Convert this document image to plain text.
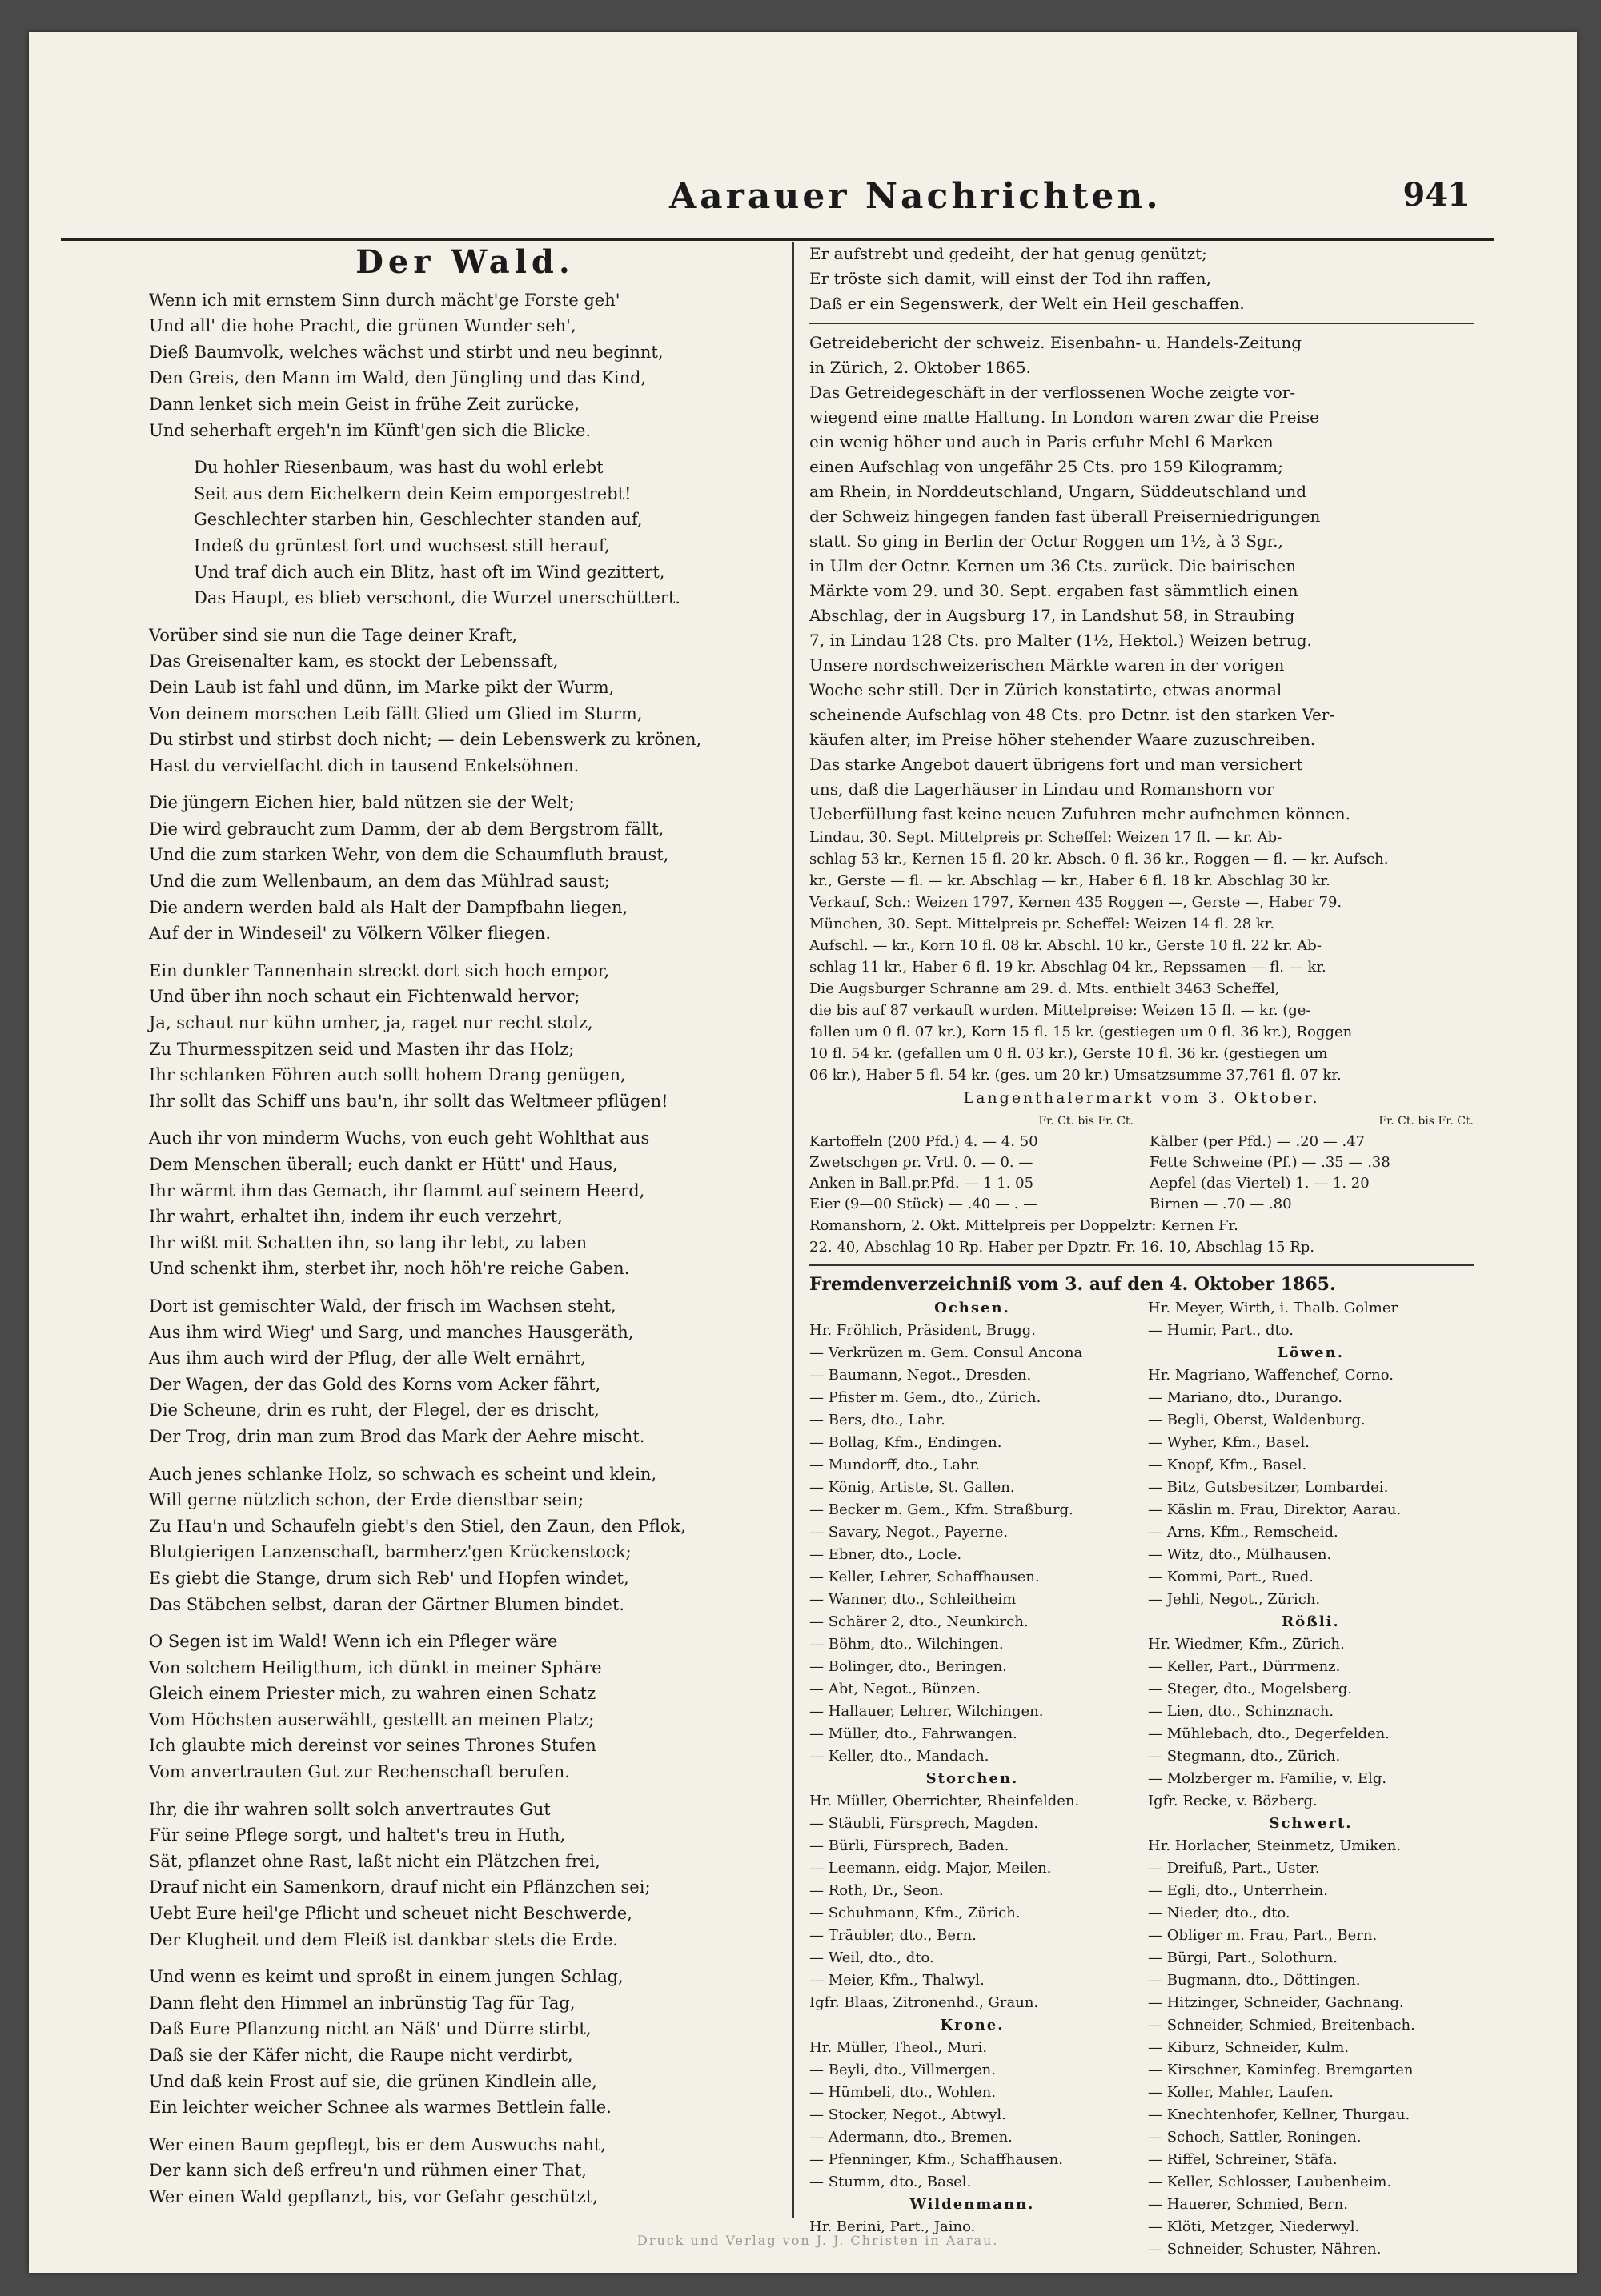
Aarauer Nachrichten.	941
Der Wald.
Wenn ich mit ernstem Sinn durch mächt'ge Forste geh'
Und all' die hohe Pracht, die grünen Wunder seh',
Dieß Baumvolk, welches wächst und stirbt und neu beginnt,
Den Greis, den Mann im Wald, den Jüngling und das Kind,
Dann lenket sich mein Geist in frühe Zeit zurücke,
Und seherhaft ergeh'n im Künft'gen sich die Blicke.
Du hohler Riesenbaum, was hast du wohl erlebt
Seit aus dem Eichelkern dein Keim emporgestrebt!
Geschlechter starben hin, Geschlechter standen auf,
Indeß du grüntest fort und wuchsest still herauf,
Und traf dich auch ein Blitz, hast oft im Wind gezittert,
Das Haupt, es blieb verschont, die Wurzel unerschüttert.
Vorüber sind sie nun die Tage deiner Kraft,
Das Greisenalter kam, es stockt der Lebenssaft,
Dein Laub ist fahl und dünn, im Marke pikt der Wurm,
Von deinem morschen Leib fällt Glied um Glied im Sturm,
Du stirbst und stirbst doch nicht; — dein Lebenswerk zu krönen,
Hast du vervielfacht dich in tausend Enkelsöhnen.
Die jüngern Eichen hier, bald nützen sie der Welt;
Die wird gebraucht zum Damm, der ab dem Bergstrom fällt,
Und die zum starken Wehr, von dem die Schaumfluth braust,
Und die zum Wellenbaum, an dem das Mühlrad saust;
Die andern werden bald als Halt der Dampfbahn liegen,
Auf der in Windeseil' zu Völkern Völker fliegen.
Ein dunkler Tannenhain streckt dort sich hoch empor,
Und über ihn noch schaut ein Fichtenwald hervor;
Ja, schaut nur kühn umher, ja, raget nur recht stolz,
Zu Thurmesspitzen seid und Masten ihr das Holz;
Ihr schlanken Föhren auch sollt hohem Drang genügen,
Ihr sollt das Schiff uns bau'n, ihr sollt das Weltmeer pflügen!
Auch ihr von minderm Wuchs, von euch geht Wohlthat aus
Dem Menschen überall; euch dankt er Hütt' und Haus,
Ihr wärmt ihm das Gemach, ihr flammt auf seinem Heerd,
Ihr wahrt, erhaltet ihn, indem ihr euch verzehrt,
Ihr wißt mit Schatten ihn, so lang ihr lebt, zu laben
Und schenkt ihm, sterbet ihr, noch höh're reiche Gaben.
Dort ist gemischter Wald, der frisch im Wachsen steht,
Aus ihm wird Wieg' und Sarg, und manches Hausgeräth,
Aus ihm auch wird der Pflug, der alle Welt ernährt,
Der Wagen, der das Gold des Korns vom Acker fährt,
Die Scheune, drin es ruht, der Flegel, der es drischt,
Der Trog, drin man zum Brod das Mark der Aehre mischt.
Auch jenes schlanke Holz, so schwach es scheint und klein,
Will gerne nützlich schon, der Erde dienstbar sein;
Zu Hau'n und Schaufeln giebt's den Stiel, den Zaun, den Pflok,
Blutgierigen Lanzenschaft, barmherz'gen Krückenstock;
Es giebt die Stange, drum sich Reb' und Hopfen windet,
Das Stäbchen selbst, daran der Gärtner Blumen bindet.
O Segen ist im Wald! Wenn ich ein Pfleger wäre
Von solchem Heiligthum, ich dünkt in meiner Sphäre
Gleich einem Priester mich, zu wahren einen Schatz
Vom Höchsten auserwählt, gestellt an meinen Platz;
Ich glaubte mich dereinst vor seines Thrones Stufen
Vom anvertrauten Gut zur Rechenschaft berufen.
Ihr, die ihr wahren sollt solch anvertrautes Gut
Für seine Pflege sorgt, und haltet's treu in Huth,
Sät, pflanzet ohne Rast, laßt nicht ein Plätzchen frei,
Drauf nicht ein Samenkorn, drauf nicht ein Pflänzchen sei;
Uebt Eure heil'ge Pflicht und scheuet nicht Beschwerde,
Der Klugheit und dem Fleiß ist dankbar stets die Erde.
Und wenn es keimt und sproßt in einem jungen Schlag,
Dann fleht den Himmel an inbrünstig Tag für Tag,
Daß Eure Pflanzung nicht an Näß' und Dürre stirbt,
Daß sie der Käfer nicht, die Raupe nicht verdirbt,
Und daß kein Frost auf sie, die grünen Kindlein alle,
Ein leichter weicher Schnee als warmes Bettlein falle.
Wer einen Baum gepflegt, bis er dem Auswuchs naht,
Der kann sich deß erfreu'n und rühmen einer That,
Wer einen Wald gepflanzt, bis, vor Gefahr geschützt,
Er aufstrebt und gedeiht, der hat genug genützt;
Er tröste sich damit, will einst der Tod ihn raffen,
Daß er ein Segenswerk, der Welt ein Heil geschaffen.
Getreidebericht der schweiz. Eisenbahn- u. Handels-Zeitung
in Zürich, 2. Oktober 1865.
Das Getreidegeschäft in der verflossenen Woche zeigte vor-
wiegend eine matte Haltung. In London waren zwar die Preise
ein wenig höher und auch in Paris erfuhr Mehl 6 Marken
einen Aufschlag von ungefähr 25 Cts. pro 159 Kilogramm;
am Rhein, in Norddeutschland, Ungarn, Süddeutschland und
der Schweiz hingegen fanden fast überall Preiserniedrigungen
statt. So ging in Berlin der Octur Roggen um 1½, à 3 Sgr.,
in Ulm der Octnr. Kernen um 36 Cts. zurück. Die bairischen
Märkte vom 29. und 30. Sept. ergaben fast sämmtlich einen
Abschlag, der in Augsburg 17, in Landshut 58, in Straubing
7, in Lindau 128 Cts. pro Malter (1½, Hektol.) Weizen betrug.
Unsere nordschweizerischen Märkte waren in der vorigen
Woche sehr still. Der in Zürich konstatirte, etwas anormal
scheinende Aufschlag von 48 Cts. pro Dctnr. ist den starken Ver-
käufen alter, im Preise höher stehender Waare zuzuschreiben.
Das starke Angebot dauert übrigens fort und man versichert
uns, daß die Lagerhäuser in Lindau und Romanshorn vor
Ueberfüllung fast keine neuen Zufuhren mehr aufnehmen können.
Lindau, 30. Sept. Mittelpreis pr. Scheffel: Weizen 17 fl. — kr. Ab-
schlag 53 kr., Kernen 15 fl. 20 kr. Absch. 0 fl. 36 kr., Roggen — fl. — kr. Aufsch.
kr., Gerste — fl. — kr. Abschlag — kr., Haber 6 fl. 18 kr. Abschlag 30 kr.
Verkauf, Sch.: Weizen 1797, Kernen 435 Roggen —, Gerste —, Haber 79.
München, 30. Sept. Mittelpreis pr. Scheffel: Weizen 14 fl. 28 kr.
Aufschl. — kr., Korn 10 fl. 08 kr. Abschl. 10 kr., Gerste 10 fl. 22 kr. Ab-
schlag 11 kr., Haber 6 fl. 19 kr. Abschlag 04 kr., Repssamen — fl. — kr.
Die Augsburger Schranne am 29. d. Mts. enthielt 3463 Scheffel,
die bis auf 87 verkauft wurden. Mittelpreise: Weizen 15 fl. — kr. (ge-
fallen um 0 fl. 07 kr.), Korn 15 fl. 15 kr. (gestiegen um 0 fl. 36 kr.), Roggen
10 fl. 54 kr. (gefallen um 0 fl. 03 kr.), Gerste 10 fl. 36 kr. (gestiegen um
06 kr.), Haber 5 fl. 54 kr. (ges. um 20 kr.) Umsatzsumme 37,761 fl. 07 kr.
Langenthalermarkt vom 3. Oktober.
Fr. Ct. bis Fr. Ct.	Fr. Ct. bis Fr. Ct.
Kartoffeln (200 Pfd.) 4. — 4. 50
Zwetschgen pr. Vrtl. 0. — 0. —
Anken in Ball.pr.Pfd. — 1 1. 05
Eier (9—00 Stück) — .40 — . —
Kälber (per Pfd.) — .20 — .47
Fette Schweine (Pf.) — .35 — .38
Aepfel (das Viertel) 1. — 1. 20
Birnen — .70 — .80
Romanshorn, 2. Okt. Mittelpreis per Doppelztr: Kernen Fr.
22. 40, Abschlag 10 Rp. Haber per Dpztr. Fr. 16. 10, Abschlag 15 Rp.
Fremdenverzeichniß vom 3. auf den 4. Oktober 1865.
Ochsen.
Hr. Fröhlich, Präsident, Brugg.
— Verkrüzen m. Gem. Consul Ancona
— Baumann, Negot., Dresden.
— Pfister m. Gem., dto., Zürich.
— Bers, dto., Lahr.
— Bollag, Kfm., Endingen.
— Mundorff, dto., Lahr.
— König, Artiste, St. Gallen.
— Becker m. Gem., Kfm. Straßburg.
— Savary, Negot., Payerne.
— Ebner, dto., Locle.
— Keller, Lehrer, Schaffhausen.
— Wanner, dto., Schleitheim
— Schärer 2, dto., Neunkirch.
— Böhm, dto., Wilchingen.
— Bolinger, dto., Beringen.
— Abt, Negot., Bünzen.
— Hallauer, Lehrer, Wilchingen.
— Müller, dto., Fahrwangen.
— Keller, dto., Mandach.
Storchen.
Hr. Müller, Oberrichter, Rheinfelden.
— Stäubli, Fürsprech, Magden.
— Bürli, Fürsprech, Baden.
— Leemann, eidg. Major, Meilen.
— Roth, Dr., Seon.
— Schuhmann, Kfm., Zürich.
— Träubler, dto., Bern.
— Weil, dto., dto.
— Meier, Kfm., Thalwyl.
Igfr. Blaas, Zitronenhd., Graun.
Krone.
Hr. Müller, Theol., Muri.
— Beyli, dto., Villmergen.
— Hümbeli, dto., Wohlen.
— Stocker, Negot., Abtwyl.
— Adermann, dto., Bremen.
— Pfenninger, Kfm., Schaffhausen.
— Stumm, dto., Basel.
Wildenmann.
Hr. Berini, Part., Jaino.
Hr. Meyer, Wirth, i. Thalb. Golmer
— Humir, Part., dto.
Löwen.
Hr. Magriano, Waffenchef, Corno.
— Mariano, dto., Durango.
— Begli, Oberst, Waldenburg.
— Wyher, Kfm., Basel.
— Knopf, Kfm., Basel.
— Bitz, Gutsbesitzer, Lombardei.
— Käslin m. Frau, Direktor, Aarau.
— Arns, Kfm., Remscheid.
— Witz, dto., Mülhausen.
— Kommi, Part., Rued.
— Jehli, Negot., Zürich.
Rößli.
Hr. Wiedmer, Kfm., Zürich.
— Keller, Part., Dürrmenz.
— Steger, dto., Mogelsberg.
— Lien, dto., Schinznach.
— Mühlebach, dto., Degerfelden.
— Stegmann, dto., Zürich.
— Molzberger m. Familie, v. Elg.
Igfr. Recke, v. Bözberg.
Schwert.
Hr. Horlacher, Steinmetz, Umiken.
— Dreifuß, Part., Uster.
— Egli, dto., Unterrhein.
— Nieder, dto., dto.
— Obliger m. Frau, Part., Bern.
— Bürgi, Part., Solothurn.
— Bugmann, dto., Döttingen.
— Hitzinger, Schneider, Gachnang.
— Schneider, Schmied, Breitenbach.
— Kiburz, Schneider, Kulm.
— Kirschner, Kaminfeg. Bremgarten
— Koller, Mahler, Laufen.
— Knechtenhofer, Kellner, Thurgau.
— Schoch, Sattler, Roningen.
— Riffel, Schreiner, Stäfa.
— Keller, Schlosser, Laubenheim.
— Hauerer, Schmied, Bern.
— Klöti, Metzger, Niederwyl.
— Schneider, Schuster, Nähren.
Druck und Verlag von J. J. Christen in Aarau.
